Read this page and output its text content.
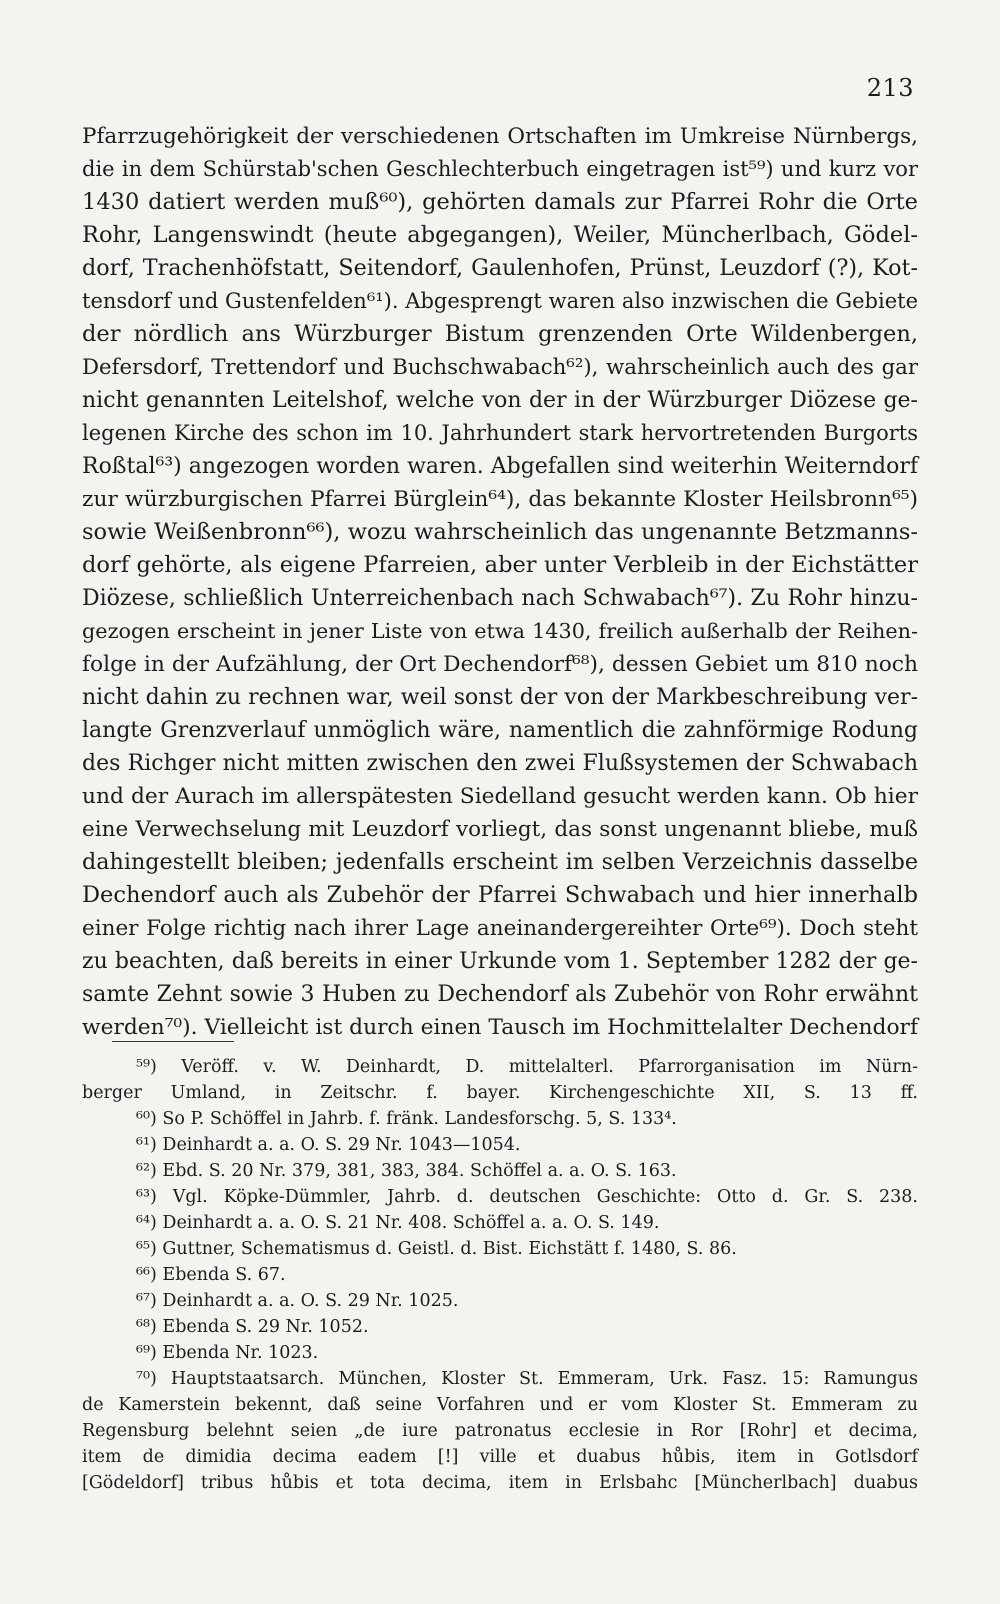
213
Pfarrzugehörigkeit der verschiedenen Ortschaften im Umkreise Nürnbergs,
die in dem Schürstab'schen Geschlechterbuch eingetragen ist⁵⁹) und kurz vor
1430 datiert werden muß⁶⁰), gehörten damals zur Pfarrei Rohr die Orte
Rohr, Langenswindt (heute abgegangen), Weiler, Müncherlbach, Gödel-
dorf, Trachenhöfstatt, Seitendorf, Gaulenhofen, Prünst, Leuzdorf (?), Kot-
tensdorf und Gustenfelden⁶¹). Abgesprengt waren also inzwischen die Gebiete
der nördlich ans Würzburger Bistum grenzenden Orte Wildenbergen,
Defersdorf, Trettendorf und Buchschwabach⁶²), wahrscheinlich auch des gar
nicht genannten Leitelshof, welche von der in der Würzburger Diözese ge-
legenen Kirche des schon im 10. Jahrhundert stark hervortretenden Burgorts
Roßtal⁶³) angezogen worden waren. Abgefallen sind weiterhin Weiterndorf
zur würzburgischen Pfarrei Bürglein⁶⁴), das bekannte Kloster Heilsbronn⁶⁵)
sowie Weißenbronn⁶⁶), wozu wahrscheinlich das ungenannte Betzmanns-
dorf gehörte, als eigene Pfarreien, aber unter Verbleib in der Eichstätter
Diözese, schließlich Unterreichenbach nach Schwabach⁶⁷). Zu Rohr hinzu-
gezogen erscheint in jener Liste von etwa 1430, freilich außerhalb der Reihen-
folge in der Aufzählung, der Ort Dechendorf⁶⁸), dessen Gebiet um 810 noch
nicht dahin zu rechnen war, weil sonst der von der Markbeschreibung ver-
langte Grenzverlauf unmöglich wäre, namentlich die zahnförmige Rodung
des Richger nicht mitten zwischen den zwei Flußsystemen der Schwabach
und der Aurach im allerspätesten Siedelland gesucht werden kann. Ob hier
eine Verwechselung mit Leuzdorf vorliegt, das sonst ungenannt bliebe, muß
dahingestellt bleiben; jedenfalls erscheint im selben Verzeichnis dasselbe
Dechendorf auch als Zubehör der Pfarrei Schwabach und hier innerhalb
einer Folge richtig nach ihrer Lage aneinandergereihter Orte⁶⁹). Doch steht
zu beachten, daß bereits in einer Urkunde vom 1. September 1282 der ge-
samte Zehnt sowie 3 Huben zu Dechendorf als Zubehör von Rohr erwähnt
werden⁷⁰). Vielleicht ist durch einen Tausch im Hochmittelalter Dechendorf
⁵⁹) Veröff. v. W. Deinhardt, D. mittelalterl. Pfarrorganisation im Nürn-
berger Umland, in Zeitschr. f. bayer. Kirchengeschichte XII, S. 13 ff.
⁶⁰) So P. Schöffel in Jahrb. f. fränk. Landesforschg. 5, S. 133⁴.
⁶¹) Deinhardt a. a. O. S. 29 Nr. 1043—1054.
⁶²) Ebd. S. 20 Nr. 379, 381, 383, 384. Schöffel a. a. O. S. 163.
⁶³) Vgl. Köpke-Dümmler, Jahrb. d. deutschen Geschichte: Otto d. Gr. S. 238.
⁶⁴) Deinhardt a. a. O. S. 21 Nr. 408. Schöffel a. a. O. S. 149.
⁶⁵) Guttner, Schematismus d. Geistl. d. Bist. Eichstätt f. 1480, S. 86.
⁶⁶) Ebenda S. 67.
⁶⁷) Deinhardt a. a. O. S. 29 Nr. 1025.
⁶⁸) Ebenda S. 29 Nr. 1052.
⁶⁹) Ebenda Nr. 1023.
⁷⁰) Hauptstaatsarch. München, Kloster St. Emmeram, Urk. Fasz. 15: Ramungus
de Kamerstein bekennt, daß seine Vorfahren und er vom Kloster St. Emmeram zu
Regensburg belehnt seien „de iure patronatus ecclesie in Ror [Rohr] et decima,
item de dimidia decima eadem [!] ville et duabus hůbis, item in Gotlsdorf
[Gödeldorf] tribus hůbis et tota decima, item in Erlsbahc [Müncherlbach] duabus
